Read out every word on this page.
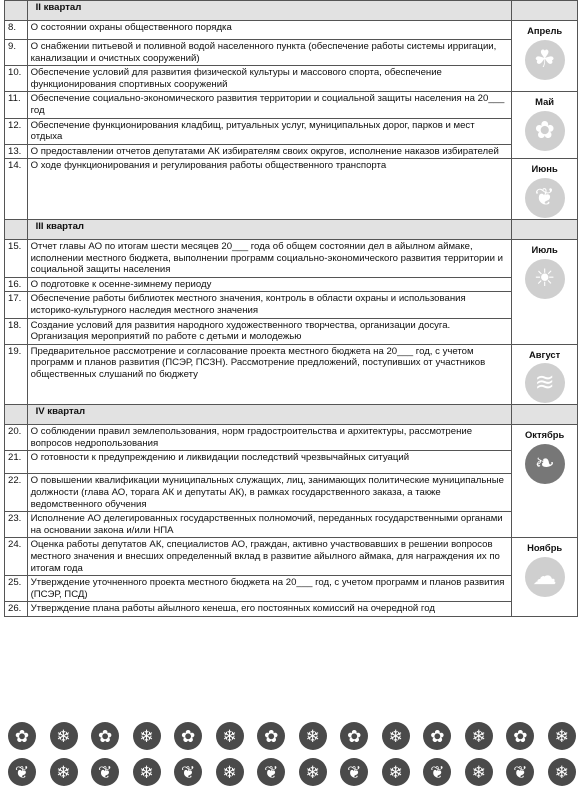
	II квартал	
8.	О состоянии охраны общественного порядка	Апрель
☘

9.	О снабжении питьевой и поливной водой населенного пункта (обеспечение работы системы ирригации, канализации и очистных сооружений)	
10.	Обеспечение условий для развития физической культуры и массового спорта, обеспечение функционирования спортивных сооружений	
11.	Обеспечение социально-экономического развития территории и социальной защиты населения на 20___ год	Май
✿

12.	Обеспечение функционирования кладбищ, ритуальных услуг, муниципальных дорог, парков и мест отдыха	
13.	О предоставлении отчетов депутатами АК избирателям своих округов, исполнение наказов избирателей	
14.	О ходе функционирования и регулирования работы общественного транспорта	Июнь
❦

	III квартал	
15.	Отчет главы АО по итогам шести месяцев 20___ года об общем состоянии дел в айылном аймаке, исполнении местного бюджета, выполнении программ социально-экономического развития территории и социальной защиты населения	Июль
☀

16.	О подготовке к осенне-зимнему периоду	
17.	Обеспечение работы библиотек местного значения, контроль в области охраны и использования историко-культурного наследия местного значения	
18.	Создание условий для развития народного художественного творчества, организации досуга. Организация мероприятий по работе с детьми и молодежью	
19.	Предварительное рассмотрение и согласование проекта местного бюджета на 20___ год, с учетом программ и планов развития (ПСЭР, ПСЗН). Рассмотрение предложений, поступивших от участников общественных слушаний по бюджету	Август
≋

	IV квартал	
20.	О соблюдении правил землепользования, норм градостроительства и архитектуры, рассмотрение вопросов недропользования	Октябрь
❧

21.	О готовности к предупреждению и ликвидации последствий чрезвычайных ситуаций	
22.	О повышении квалификации муниципальных служащих, лиц, занимающих политические муниципальные должности (глава АО, торага АК и депутаты АК), в рамках государственного заказа, а также ведомственного обучения	
23.	Исполнение АО делегированных государственных полномочий, переданных государственными органами на основании закона и/или НПА	
24.	Оценка работы депутатов АК, специалистов АО, граждан, активно участвовавших в решении вопросов местного значения и внесших определенный вклад в развитие айылного аймака, для награждения их по итогам года	Ноябрь
☁

25.	Утверждение уточненного проекта местного бюджета на 20___ год, с учетом программ и планов развития (ПСЭР, ПСД)	
26.	Утверждение плана работы айылного кенеша, его постоянных комиссий на очередной год	
✿	❄	✿	❄	✿	❄	✿	❄	✿	❄	✿	❄	✿	❄
❦	❄	❦	❄	❦	❄	❦	❄	❦	❄	❦	❄	❦	❄
